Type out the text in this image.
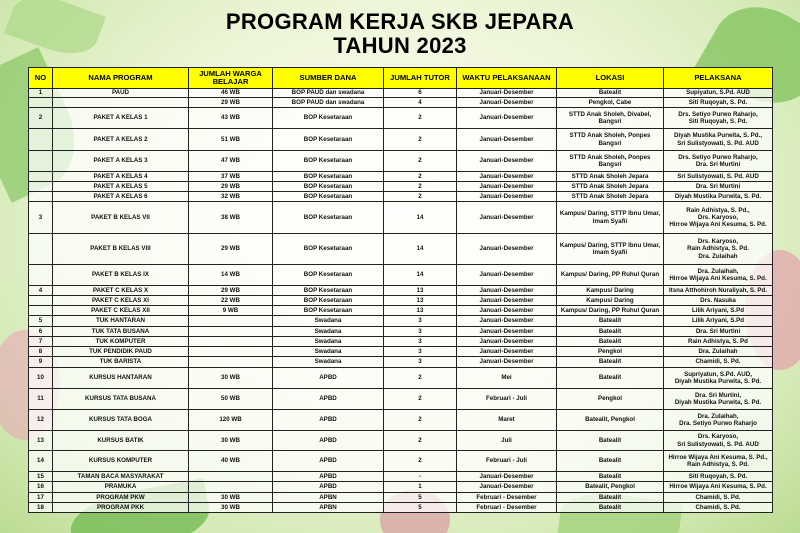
PROGRAM KERJA SKB JEPARA
TAHUN 2023
NO	NAMA PROGRAM	JUMLAH WARGA BELAJAR	SUMBER DANA	JUMLAH TUTOR	WAKTU PELAKSANAAN	LOKASI	PELAKSANA
1	PAUD	46 WB	BOP PAUD dan swadana	6	Januari-Desember	Batealit	Supiyatun, S.Pd. AUD

		29 WB	BOP PAUD dan swadana	4	Januari-Desember	Pengkol, Cabe	Siti Ruqoyah, S. Pd.

2	PAKET A KELAS 1	43 WB	BOP Kesetaraan	2	Januari-Desember	STTD Anak Sholeh, Divabel, Bangsri	Drs. Setiyo Purwo Raharjo,
Siti Ruqoyah, S. Pd.

	PAKET A KELAS 2	51 WB	BOP Kesetaraan	2	Januari-Desember	STTD Anak Sholeh, Ponpes Bangsri	Diyah Mustika Purwita, S. Pd.,
Sri Sulistyowati, S. Pd. AUD

	PAKET A KELAS 3	47 WB	BOP Kesetaraan	2	Januari-Desember	STTD Anak Sholeh, Ponpes Bangsri	Drs. Setiyo Purwo Raharjo,
Dra. Sri Murtini

	PAKET A KELAS 4	37 WB	BOP Kesetaraan	2	Januari-Desember	STTD Anak Sholeh Jepara	Sri Sulistyowati, S. Pd. AUD

	PAKET A KELAS 5	29 WB	BOP Kesetaraan	2	Januari-Desember	STTD Anak Sholeh Jepara	Dra. Sri Murtini

	PAKET A KELAS 6	32 WB	BOP Kesetaraan	2	Januari-Desember	STTD Anak Sholeh Jepara	Diyah Mustika Purwita, S. Pd.

3	PAKET B KELAS VII	38 WB	BOP Kesetaraan	14	Januari-Desember	Kampus/ Daring, STTP Ibnu Umar,
Imam Syafii	Rain Adhistya, S. Pd.,
Drs. Karyoso,
Hirroe Wijaya Ani Kesuma, S. Pd.

	PAKET B KELAS VIII	29 WB	BOP Kesetaraan	14	Januari-Desember	Kampus/ Daring, STTP Ibnu Umar,
Imam Syafii	Drs. Karyoso,
Rain Adhistya, S. Pd.
Dra. Zulaihah

	PAKET B KELAS IX	14 WB	BOP Kesetaraan	14	Januari-Desember	Kampus/ Daring, PP Ruhul Quran	Dra. Zulaihah,
Hirroe Wijaya Ani Kesuma, S. Pd.

4	PAKET C KELAS X	29 WB	BOP Kesetaraan	13	Januari-Desember	Kampus/ Daring	Itsna Atthohiroh Nuraliyah, S. Pd.

	PAKET C KELAS XI	22 WB	BOP Kesetaraan	13	Januari-Desember	Kampus/ Daring	Drs. Nasuka

	PAKET C KELAS XII	9 WB	BOP Kesetaraan	13	Januari-Desember	Kampus/ Daring, PP Ruhul Quran	Lilik Ariyani, S.Pd

5	TUK HANTARAN		Swadana	3	Januari-Desember	Batealit	Lilik Ariyani, S.Pd

6	TUK TATA BUSANA		Swadana	3	Januari-Desember	Batealit	Dra. Sri Murtini

7	TUK KOMPUTER		Swadana	3	Januari-Desember	Batealit	Rain Adhistya, S. Pd

8	TUK PENDIDIK PAUD		Swadana	3	Januari-Desember	Pengkol	Dra. Zulaihah

9	TUK BARISTA		Swadana	3	Januari-Desember	Batealit	Chamidi, S. Pd.

10	KURSUS HANTARAN	30 WB	APBD	2	Mei	Batealit	Supriyatun, S.Pd. AUD,
Diyah Mustika Purwita, S. Pd.

11	KURSUS TATA BUSANA	50 WB	APBD	2	Februari - Juli	Pengkol	Dra. Sri Murtini,
Diyah Mustika Purwita, S. Pd.

12	KURSUS TATA BOGA	120 WB	APBD	2	Maret	Batealit, Pengkol	Dra. Zulaihah,
Dra. Setiyo Purwo Raharjo

13	KURSUS BATIK	30 WB	APBD	2	Juli	Batealit	Drs. Karyoso,
Sri Sulistyowati, S. Pd. AUD

14	KURSUS KOMPUTER	40 WB	APBD	2	Februari - Juli	Batealit	Hirroe Wijaya Ani Kesuma, S. Pd.,
Rain Adhistya, S. Pd.

15	TAMAN BACA MASYARAKAT		APBD	-	Januari-Desember	Batealit	Siti Ruqoyah, S. Pd.

16	PRAMUKA		APBD	1	Januari-Desember	Batealit, Pengkol	Hirroe Wijaya Ani Kesuma, S. Pd.

17	PROGRAM PKW	30 WB	APBN	5	Februari - Desember	Batealit	Chamidi, S. Pd.

18	PROGRAM PKK	30 WB	APBN	5	Februari - Desember	Batealit	Chamidi, S. Pd.
